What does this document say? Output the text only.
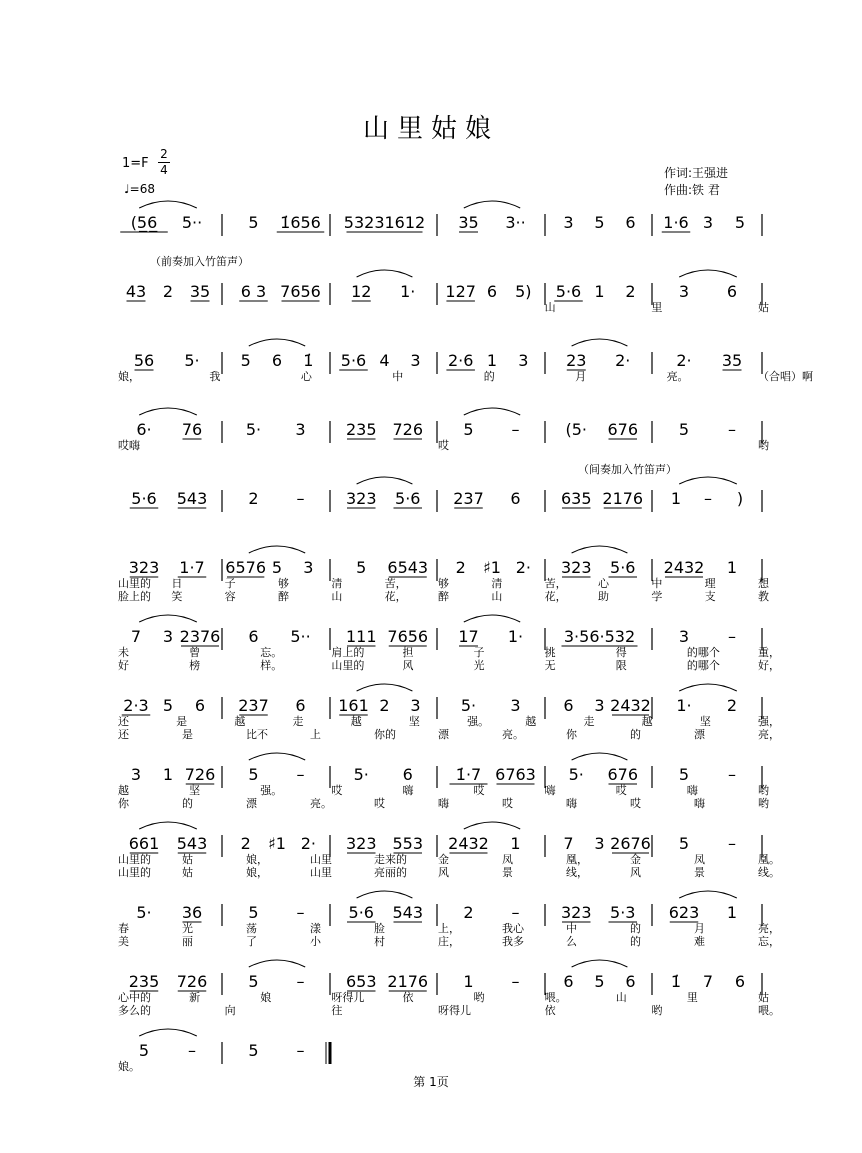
山里姑娘
1=F
2
4
♩=68
作词:王强进
作曲:铁 君
(5̲6̲ 5··	5 1̇656 53231612 35 3·· 3 5 6 1·6 3 5
（前奏加入竹笛声）
43 2 35 6 3 7656 12 1· 127 6 5) 5·6 1 2	3 6
山	里	姑
56 5·	5 6 1̇ 5·6 4 3 2·6 1 3 23 2·	2· 35
娘，	我	心	中	的	月	亮。	（合唱）啊
6· 76	5· 3	235 726	5 –	(5· 676	5 –
哎嗨	哎	哟
（间奏加入竹笛声）
5·6 543	2 –	323 5·6 237 6	635 2176 1 – )
323 1·7 6576 5 3	5 6543 2 ♯1 2· 323 5·6 2432 1
山里的 日	子	够	清	苦，	够	清	苦，	心	中	理	想
脸上的 笑	容	醉	山	花，	醉	山	花，	助	学	支	教
7 3 2376 6 5·· 111 7656 17 1·	3·56·532	3 –
未	曾	忘。	肩上的	担	子	挑	得	的哪个	重，
好	榜	样。	山里的	风	光	无	限	的哪个	好，
2·3 5 6 237 6 161 2 3	5· 3	6 3 2432 1· 2
还	是	越	走	越	坚	强。	越	走	越	坚	强，
还	是	比不	上	你的	漂	亮。	你	的	漂	亮，
3 1 726 5 –	5· 6	1̇·7 6763 5· 676	5 –
越	坚	强。	哎	嗨	哎	嗨	哎	嗨	哟
你	的	漂	亮。	哎	嗨	哎	嗨	哎	嗨	哟
661 543 2 ♯1 2· 323 553 2432 1	7 3 2676 5 –
山里的	姑	娘，	山里	走来的	金	凤	凰，	金	凤	凰。
山里的	姑	娘，	山里	亮丽的	风	景	线，	风	景	线。
5· 36	5 –	5·6 543	2 –	323 5·3 623 1
春	光	荡	漾	脸	上，	我心	中	的	月	亮，
美	丽	了	小	村	庄，	我多	么	的	难	忘，
235 726	5 –	653 2176 1 –	6 5 6 1̇ 7 6
心中的	新	娘	呀得儿	依	哟	喂。	山	里	姑
多么的	向	往	呀得儿	依	哟	喂。
5 –	5 –
娘。
第 1页
